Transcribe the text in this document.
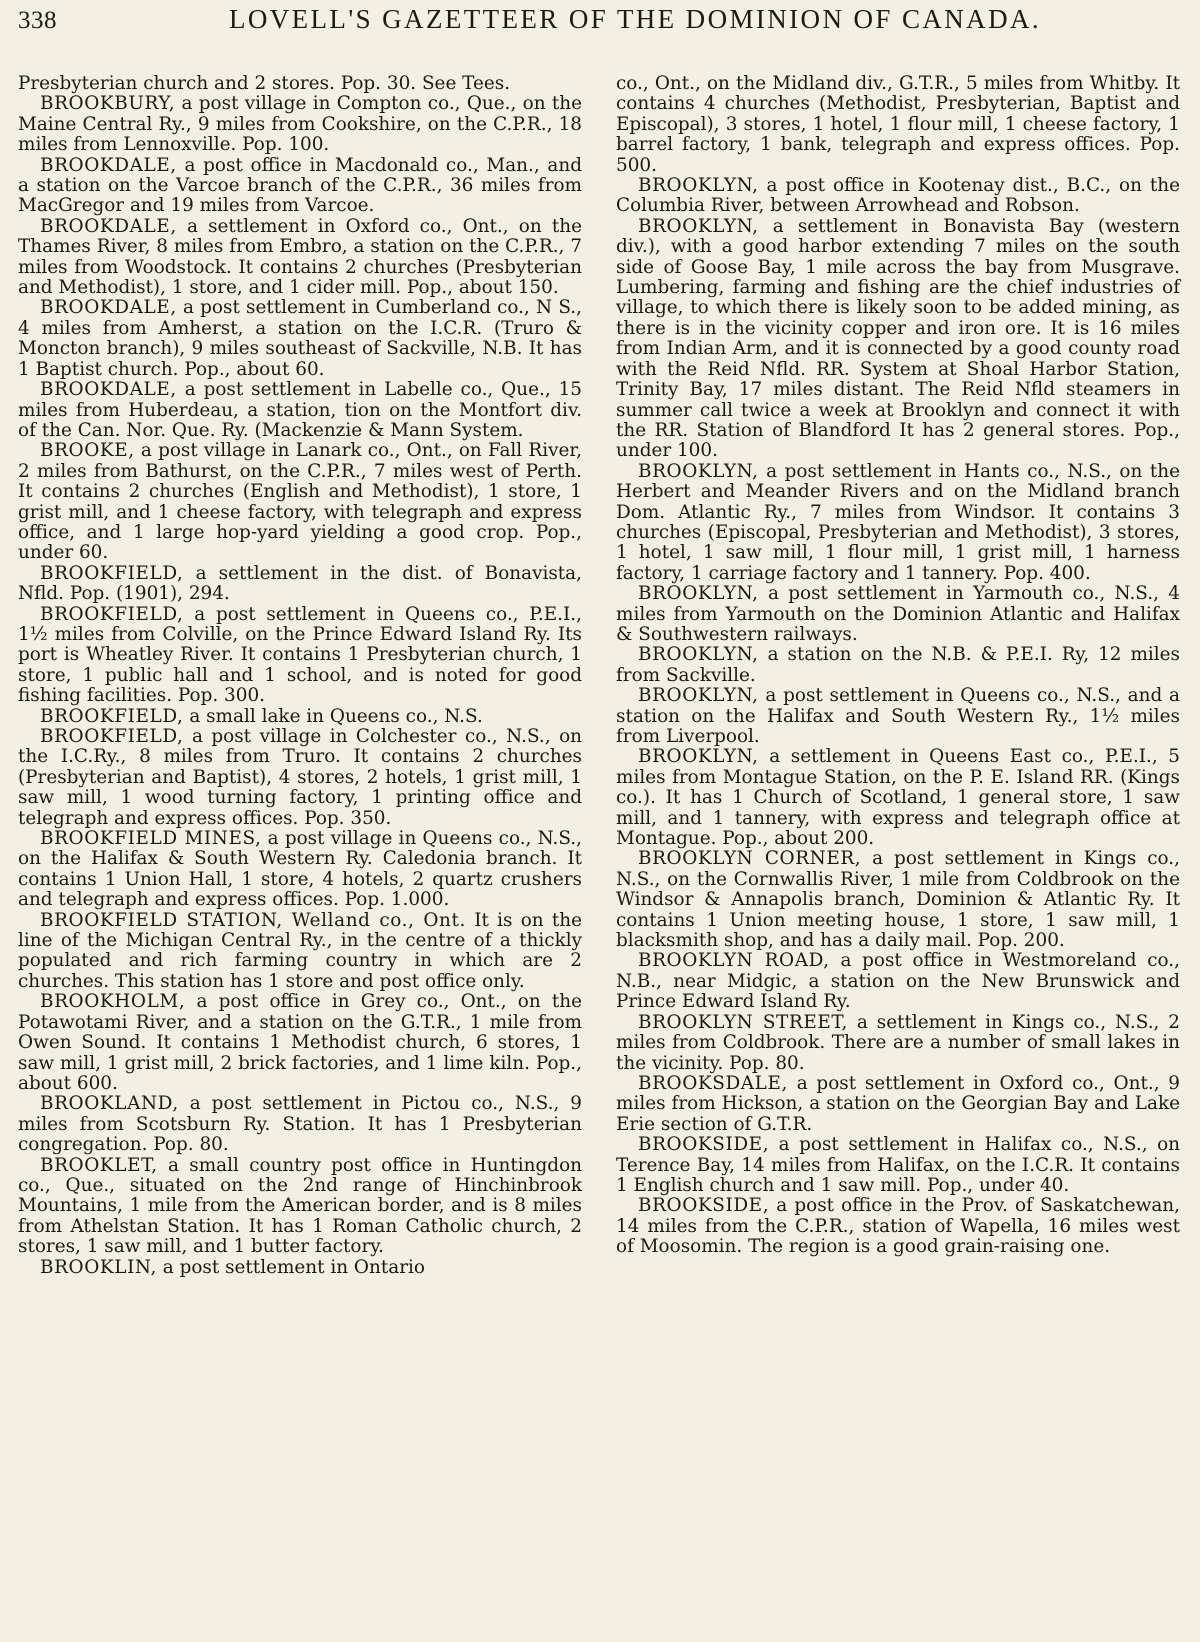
338	LOVELL'S GAZETTEER OF THE DOMINION OF CANADA.

Presbyterian church and 2 stores. Pop. 30. See Tees.

BROOKBURY, a post village in Compton co., Que., on the Maine Central Ry., 9 miles from Cookshire, on the C.P.R., 18 miles from Lennoxville. Pop. 100.

BROOKDALE, a post office in Macdonald co., Man., and a station on the Varcoe branch of the C.P.R., 36 miles from MacGregor and 19 miles from Varcoe.

BROOKDALE, a settlement in Oxford co., Ont., on the Thames River, 8 miles from Embro, a station on the C.P.R., 7 miles from Woodstock. It contains 2 churches (Presbyterian and Methodist), 1 store, and 1 cider mill. Pop., about 150.

BROOKDALE, a post settlement in Cumberland co., N S., 4 miles from Amherst, a station on the I.C.R. (Truro & Moncton branch), 9 miles southeast of Sackville, N.B. It has 1 Baptist church. Pop., about 60.

BROOKDALE, a post settlement in Labelle co., Que., 15 miles from Huberdeau, a station, tion on the Montfort div. of the Can. Nor. Que. Ry. (Mackenzie & Mann System.

BROOKE, a post village in Lanark co., Ont., on Fall River, 2 miles from Bathurst, on the C.P.R., 7 miles west of Perth. It contains 2 churches (English and Methodist), 1 store, 1 grist mill, and 1 cheese factory, with telegraph and express office, and 1 large hop-yard yielding a good crop. Pop., under 60.

BROOKFIELD, a settlement in the dist. of Bonavista, Nfld. Pop. (1901), 294.

BROOKFIELD, a post settlement in Queens co., P.E.I., 1½ miles from Colville, on the Prince Edward Island Ry. Its port is Wheatley River. It contains 1 Presbyterian church, 1 store, 1 public hall and 1 school, and is noted for good fishing facilities. Pop. 300.

BROOKFIELD, a small lake in Queens co., N.S.

BROOKFIELD, a post village in Colchester co., N.S., on the I.C.Ry., 8 miles from Truro. It contains 2 churches (Presbyterian and Baptist), 4 stores, 2 hotels, 1 grist mill, 1 saw mill, 1 wood turning factory, 1 printing office and telegraph and express offices. Pop. 350.

BROOKFIELD MINES, a post village in Queens co., N.S., on the Halifax & South Western Ry. Caledonia branch. It contains 1 Union Hall, 1 store, 4 hotels, 2 quartz crushers and telegraph and express offices. Pop. 1.000.

BROOKFIELD STATION, Welland co., Ont. It is on the line of the Michigan Central Ry., in the centre of a thickly populated and rich farming country in which are 2 churches. This station has 1 store and post office only.

BROOKHOLM, a post office in Grey co., Ont., on the Potawotami River, and a station on the G.T.R., 1 mile from Owen Sound. It contains 1 Methodist church, 6 stores, 1 saw mill, 1 grist mill, 2 brick factories, and 1 lime kiln. Pop., about 600.

BROOKLAND, a post settlement in Pictou co., N.S., 9 miles from Scotsburn Ry. Station. It has 1 Presbyterian congregation. Pop. 80.

BROOKLET, a small country post office in Huntingdon co., Que., situated on the 2nd range of Hinchinbrook Mountains, 1 mile from the American border, and is 8 miles from Athelstan Station. It has 1 Roman Catholic church, 2 stores, 1 saw mill, and 1 butter factory.

BROOKLIN, a post settlement in Ontario

co., Ont., on the Midland div., G.T.R., 5 miles from Whitby. It contains 4 churches (Methodist, Presbyterian, Baptist and Episcopal), 3 stores, 1 hotel, 1 flour mill, 1 cheese factory, 1 barrel factory, 1 bank, telegraph and express offices. Pop. 500.

BROOKLYN, a post office in Kootenay dist., B.C., on the Columbia River, between Arrowhead and Robson.

BROOKLYN, a settlement in Bonavista Bay (western div.), with a good harbor extending 7 miles on the south side of Goose Bay, 1 mile across the bay from Musgrave. Lumbering, farming and fishing are the chief industries of village, to which there is likely soon to be added mining, as there is in the vicinity copper and iron ore. It is 16 miles from Indian Arm, and it is connected by a good county road with the Reid Nfld. RR. System at Shoal Harbor Station, Trinity Bay, 17 miles distant. The Reid Nfld steamers in summer call twice a week at Brooklyn and connect it with the RR. Station of Blandford It has 2 general stores. Pop., under 100.

BROOKLYN, a post settlement in Hants co., N.S., on the Herbert and Meander Rivers and on the Midland branch Dom. Atlantic Ry., 7 miles from Windsor. It contains 3 churches (Episcopal, Presbyterian and Methodist), 3 stores, 1 hotel, 1 saw mill, 1 flour mill, 1 grist mill, 1 harness factory, 1 carriage factory and 1 tannery. Pop. 400.

BROOKLYN, a post settlement in Yarmouth co., N.S., 4 miles from Yarmouth on the Dominion Atlantic and Halifax & Southwestern railways.

BROOKLYN, a station on the N.B. & P.E.I. Ry, 12 miles from Sackville.

BROOKLYN, a post settlement in Queens co., N.S., and a station on the Halifax and South Western Ry., 1½ miles from Liverpool.

BROOKLYN, a settlement in Queens East co., P.E.I., 5 miles from Montague Station, on the P. E. Island RR. (Kings co.). It has 1 Church of Scotland, 1 general store, 1 saw mill, and 1 tannery, with express and telegraph office at Montague. Pop., about 200.

BROOKLYN CORNER, a post settlement in Kings co., N.S., on the Cornwallis River, 1 mile from Coldbrook on the Windsor & Annapolis branch, Dominion & Atlantic Ry. It contains 1 Union meeting house, 1 store, 1 saw mill, 1 blacksmith shop, and has a daily mail. Pop. 200.

BROOKLYN ROAD, a post office in Westmoreland co., N.B., near Midgic, a station on the New Brunswick and Prince Edward Island Ry.

BROOKLYN STREET, a settlement in Kings co., N.S., 2 miles from Coldbrook. There are a number of small lakes in the vicinity. Pop. 80.

BROOKSDALE, a post settlement in Oxford co., Ont., 9 miles from Hickson, a station on the Georgian Bay and Lake Erie section of G.T.R.

BROOKSIDE, a post settlement in Halifax co., N.S., on Terence Bay, 14 miles from Halifax, on the I.C.R. It contains 1 English church and 1 saw mill. Pop., under 40.

BROOKSIDE, a post office in the Prov. of Saskatchewan, 14 miles from the C.P.R., station of Wapella, 16 miles west of Moosomin. The region is a good grain-raising one.
